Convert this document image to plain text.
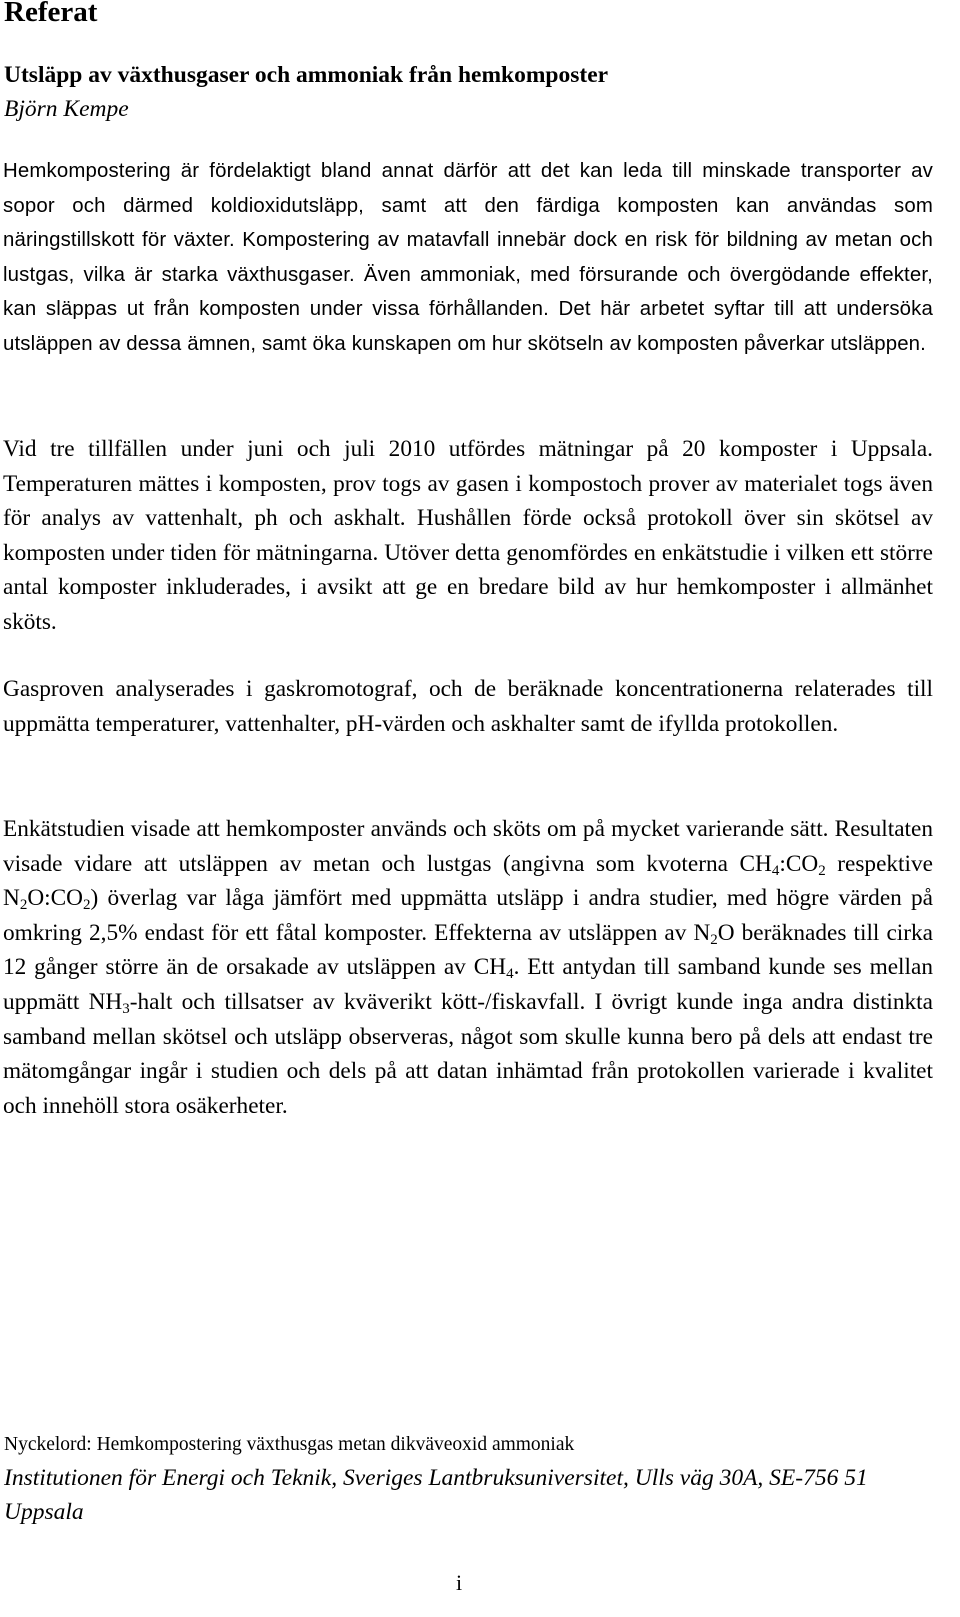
Referat
Utsläpp av växthusgaser och ammoniak från hemkomposter

Björn Kempe

Hemkompostering är fördelaktigt bland annat därför att det kan leda till minskade transporter av sopor och därmed koldioxidutsläpp, samt att den färdiga komposten kan användas som näringstillskott för växter. Kompostering av matavfall innebär dock en risk för bildning av metan och lustgas, vilka är starka växthusgaser. Även ammoniak, med försurande och övergödande effekter, kan släppas ut från komposten under vissa förhållanden. Det här arbetet syftar till att undersöka utsläppen av dessa ämnen, samt öka kunskapen om hur skötseln av komposten påverkar utsläppen.

Vid tre tillfällen under juni och juli 2010 utfördes mätningar på 20 komposter i Uppsala. Temperaturen mättes i komposten, prov togs av gasen i kompostoch prover av materialet togs även för analys av vattenhalt, ph och askhalt. Hushållen förde också protokoll över sin skötsel av komposten under tiden för mätningarna. Utöver detta genomfördes en enkätstudie i vilken ett större antal komposter inkluderades, i avsikt att ge en bredare bild av hur hemkomposter i allmänhet sköts.

Gasproven analyserades i gaskromotograf, och de beräknade koncentrationerna relaterades till uppmätta temperaturer, vattenhalter, pH-värden och askhalter samt de ifyllda protokollen.

Enkätstudien visade att hemkomposter används och sköts om på mycket varierande sätt. Resultaten visade vidare att utsläppen av metan och lustgas (angivna som kvoterna $CH_4:CO_2$ respektive $N_2O:CO_2$) överlag var låga jämfört med uppmätta utsläpp i andra studier, med högre värden på omkring 2,5% endast för ett fåtal komposter. Effekterna av utsläppen av $N_2O$ beräknades till cirka 12 gånger större än de orsakade av utsläppen av $CH_4$. Ett antydan till samband kunde ses mellan uppmätt $NH_3$-halt och tillsatser av kväverikt kött-/fiskavfall. I övrigt kunde inga andra distinkta samband mellan skötsel och utsläpp observeras, något som skulle kunna bero på dels att endast tre mätomgångar ingår i studien och dels på att datan inhämtad från protokollen varierade i kvalitet och innehöll stora osäkerheter.

Nyckelord: Hemkompostering växthusgas metan dikväveoxid ammoniak

Institutionen för Energi och Teknik, Sveriges Lantbruksuniversitet, Ulls väg 30A, SE-756 51 Uppsala

i
